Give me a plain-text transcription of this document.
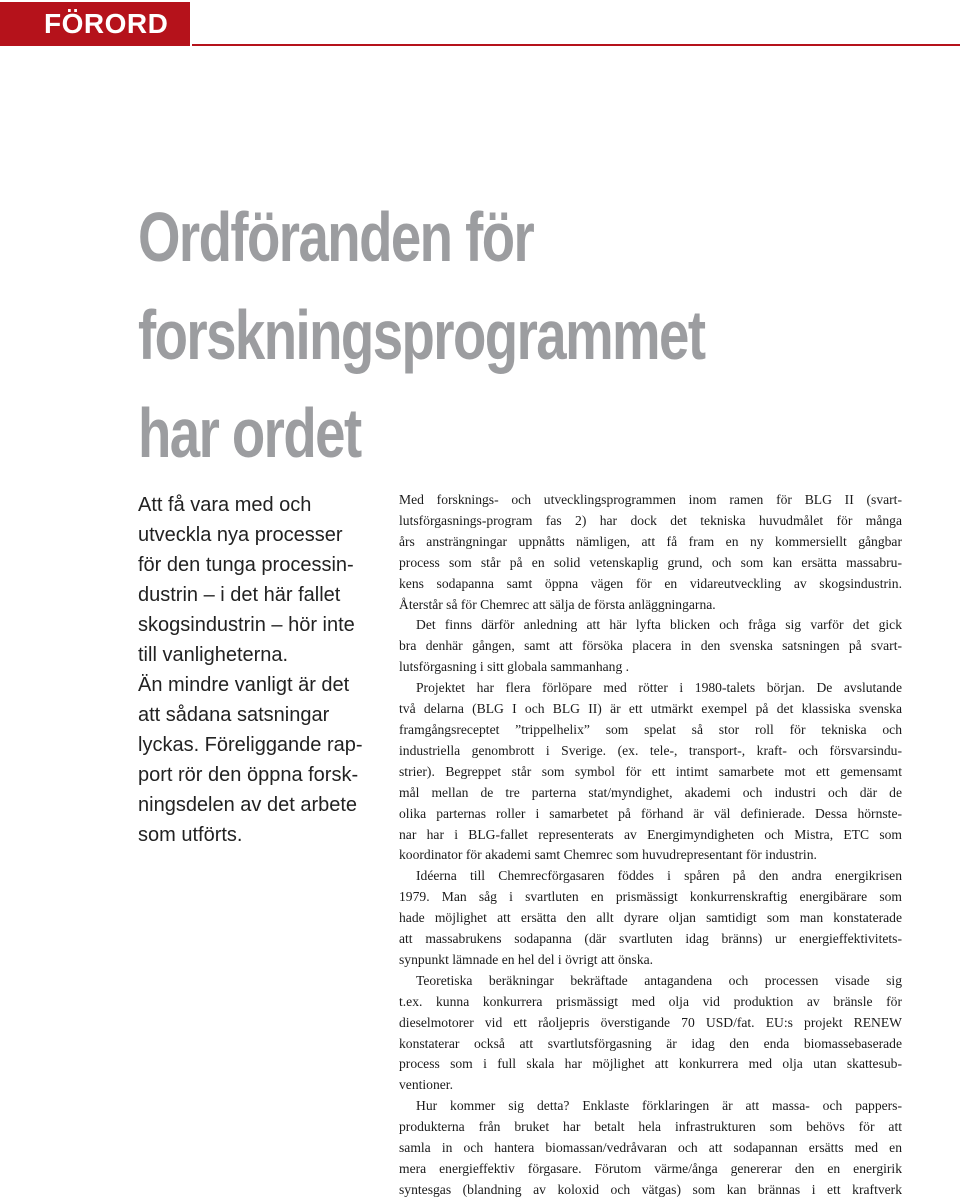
FÖRORD
Ordföranden för
forskningsprogrammet
har ordet
Att få vara med och
utveckla nya processer
för den tunga processin-
dustrin – i det här fallet
skogsindustrin – hör inte
till vanligheterna.
Än mindre vanligt är det
att sådana satsningar
lyckas. Föreliggande rap-
port rör den öppna forsk-
ningsdelen av det arbete
som utförts.
Med forsknings- och utvecklingsprogrammen inom ramen för BLG II (svart-
lutsförgasnings-program fas 2) har dock det tekniska huvudmålet för många
års ansträngningar uppnåtts nämligen, att få fram en ny kommersiellt gångbar
process som står på en solid vetenskaplig grund, och som kan ersätta massabru-
kens sodapanna samt öppna vägen för en vidareutveckling av skogsindustrin.
Återstår så för Chemrec att sälja de första anläggningarna.
Det finns därför anledning att här lyfta blicken och fråga sig varför det gick
bra denhär gången, samt att försöka placera in den svenska satsningen på svart-
lutsförgasning i sitt globala sammanhang .
Projektet har flera förlöpare med rötter i 1980-talets början. De avslutande
två delarna (BLG I och BLG II) är ett utmärkt exempel på det klassiska svenska
framgångsreceptet ”trippelhelix” som spelat så stor roll för tekniska och
industriella genombrott i Sverige. (ex. tele-, transport-, kraft- och försvarsindu-
strier). Begreppet står som symbol för ett intimt samarbete mot ett gemensamt
mål mellan de tre parterna stat/myndighet, akademi och industri och där de
olika parternas roller i samarbetet på förhand är väl definierade. Dessa hörnste-
nar har i BLG-fallet representerats av Energimyndigheten och Mistra, ETC som
koordinator för akademi samt Chemrec som huvudrepresentant för industrin.
Idéerna till Chemrecförgasaren föddes i spåren på den andra energikrisen
1979. Man såg i svartluten en prismässigt konkurrenskraftig energibärare som
hade möjlighet att ersätta den allt dyrare oljan samtidigt som man konstaterade
att massabrukens sodapanna (där svartluten idag bränns) ur energieffektivitets-
synpunkt lämnade en hel del i övrigt att önska.
Teoretiska beräkningar bekräftade antagandena och processen visade sig
t.ex. kunna konkurrera prismässigt med olja vid produktion av bränsle för
dieselmotorer vid ett råoljepris överstigande 70 USD/fat. EU:s projekt RENEW
konstaterar också att svartlutsförgasning är idag den enda biomassebaserade
process som i full skala har möjlighet att konkurrera med olja utan skattesub-
ventioner.
Hur kommer sig detta? Enklaste förklaringen är att massa- och pappers-
produkterna från bruket har betalt hela infrastrukturen som behövs för att
samla in och hantera biomassan/vedråvaran och att sodapannan ersätts med en
mera energieffektiv förgasare. Förutom värme/ånga genererar den en energirik
syntesgas (blandning av koloxid och vätgas) som kan brännas i ett kraftverk
